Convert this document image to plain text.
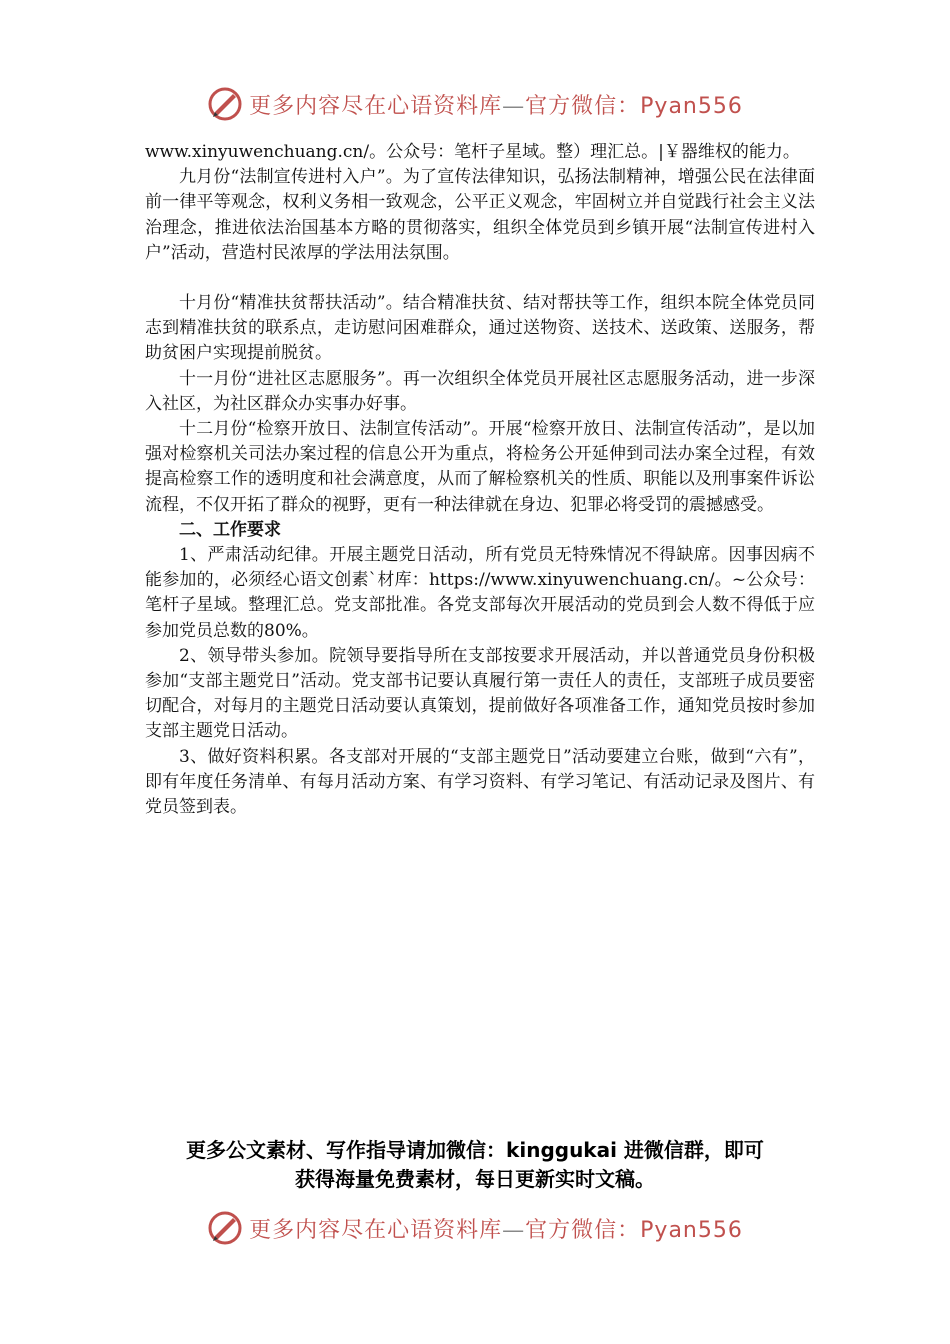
更多内容尽在心语资料库—官方微信：Pyan556

www.xinyuwenchuang.cn/。公众号：笔杆子星域。整）理汇总。|￥器维权的能力。

九月份“法制宣传进村入户”。为了宣传法律知识，弘扬法制精神，增强公民在法律面前一律平等观念，权利义务相一致观念，公平正义观念，牢固树立并自觉践行社会主义法治理念，推进依法治国基本方略的贯彻落实，组织全体党员到乡镇开展“法制宣传进村入户”活动，营造村民浓厚的学法用法氛围。

十月份“精准扶贫帮扶活动”。结合精准扶贫、结对帮扶等工作，组织本院全体党员同志到精准扶贫的联系点，走访慰问困难群众，通过送物资、送技术、送政策、送服务，帮助贫困户实现提前脱贫。

十一月份“进社区志愿服务”。再一次组织全体党员开展社区志愿服务活动，进一步深入社区，为社区群众办实事办好事。

十二月份“检察开放日、法制宣传活动”。开展“检察开放日、法制宣传活动”，是以加强对检察机关司法办案过程的信息公开为重点，将检务公开延伸到司法办案全过程，有效提高检察工作的透明度和社会满意度，从而了解检察机关的性质、职能以及刑事案件诉讼流程，不仅开拓了群众的视野，更有一种法律就在身边、犯罪必将受罚的震撼感受。

二、工作要求

1、严肃活动纪律。开展主题党日活动，所有党员无特殊情况不得缺席。因事因病不能参加的，必须经心语文创素`材库：https://www.xinyuwenchuang.cn/。~公众号：笔杆子星域。整理汇总。党支部批准。各党支部每次开展活动的党员到会人数不得低于应参加党员总数的80%。

2、领导带头参加。院领导要指导所在支部按要求开展活动，并以普通党员身份积极参加“支部主题党日”活动。党支部书记要认真履行第一责任人的责任，支部班子成员要密切配合，对每月的主题党日活动要认真策划，提前做好各项准备工作，通知党员按时参加支部主题党日活动。

3、做好资料积累。各支部对开展的“支部主题党日”活动要建立台账，做到“六有”，即有年度任务清单、有每月活动方案、有学习资料、有学习笔记、有活动记录及图片、有党员签到表。

更多公文素材、写作指导请加微信：kinggukai 进微信群，即可
获得海量免费素材，每日更新实时文稿。
更多内容尽在心语资料库—官方微信：Pyan556
